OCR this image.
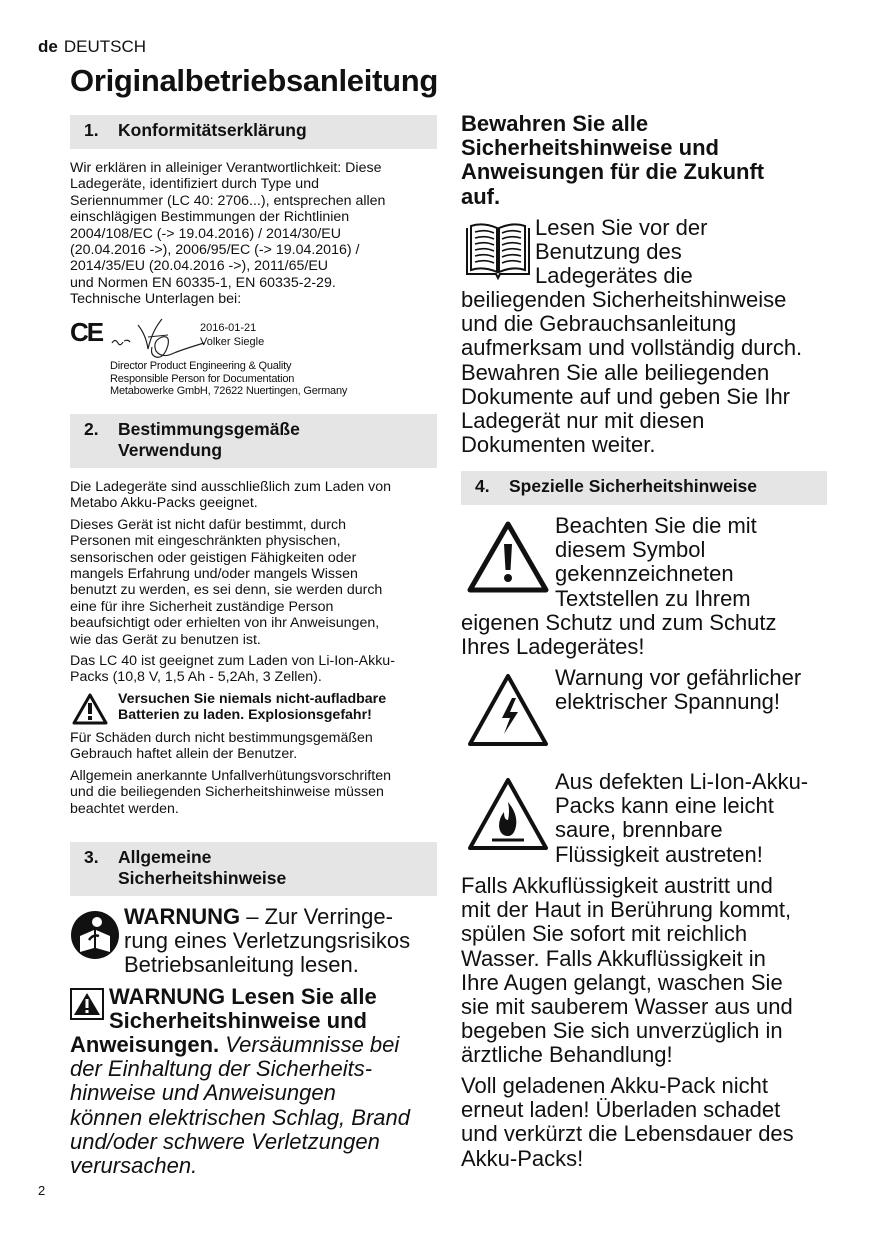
de DEUTSCH
Originalbetriebsanleitung
1. Konformitätserklärung
Wir erklären in alleiniger Verantwortlichkeit: Diese
Ladegeräte, identifiziert durch Type und
Seriennummer (LC 40: 2706...), entsprechen allen
einschlägigen Bestimmungen der Richtlinien
2004/108/EC (-> 19.04.2016) / 2014/30/EU
(20.04.2016 ->), 2006/95/EC (-> 19.04.2016) /
2014/35/EU (20.04.2016 ->), 2011/65/EU
und Normen EN 60335-1, EN 60335-2-29.
Technische Unterlagen bei:
CE	2016-01-21
Volker Siegle
Director Product Engineering & Quality
Responsible Person for Documentation
Metabowerke GmbH, 72622 Nuertingen, Germany
2. Bestimmungsgemäße
Verwendung

Die Ladegeräte sind ausschließlich zum Laden von
Metabo Akku-Packs geeignet.

Dieses Gerät ist nicht dafür bestimmt, durch
Personen mit eingeschränkten physischen,
sensorischen oder geistigen Fähigkeiten oder
mangels Erfahrung und/oder mangels Wissen
benutzt zu werden, es sei denn, sie werden durch
eine für ihre Sicherheit zuständige Person
beaufsichtigt oder erhielten von ihr Anweisungen,
wie das Gerät zu benutzen ist.

Das LC 40 ist geeignet zum Laden von Li-Ion-Akku-
Packs (10,8 V, 1,5 Ah - 5,2Ah, 3 Zellen).

Versuchen Sie niemals nicht-aufladbare
Batterien zu laden. Explosionsgefahr!

Für Schäden durch nicht bestimmungsgemäßen
Gebrauch haftet allein der Benutzer.

Allgemein anerkannte Unfallverhütungsvorschriften
und die beiliegenden Sicherheitshinweise müssen
beachtet werden.

3. Allgemeine
Sicherheitshinweise
WARNUNG – Zur Verringe-
rung eines Verletzungsrisikos
Betriebsanleitung lesen.
WARNUNG Lesen Sie alle
Sicherheitshinweise und
Anweisungen. Versäumnisse bei
der Einhaltung der Sicherheits-
hinweise und Anweisungen
können elektrischen Schlag, Brand
und/oder schwere Verletzungen
verursachen.
Bewahren Sie alle
Sicherheitshinweise und
Anweisungen für die Zukunft
auf.
Lesen Sie vor der
Benutzung des
Ladegerätes die
beiliegenden Sicherheitshinweise
und die Gebrauchsanleitung
aufmerksam und vollständig durch.
Bewahren Sie alle beiliegenden
Dokumente auf und geben Sie Ihr
Ladegerät nur mit diesen
Dokumenten weiter.
4. Spezielle Sicherheitshinweise
Beachten Sie die mit
diesem Symbol
gekennzeichneten
Textstellen zu Ihrem
eigenen Schutz und zum Schutz
Ihres Ladegerätes!
Warnung vor gefährlicher
elektrischer Spannung!
Aus defekten Li-Ion-Akku-
Packs kann eine leicht
saure, brennbare
Flüssigkeit austreten!
Falls Akkuflüssigkeit austritt und
mit der Haut in Berührung kommt,
spülen Sie sofort mit reichlich
Wasser. Falls Akkuflüssigkeit in
Ihre Augen gelangt, waschen Sie
sie mit sauberem Wasser aus und
begeben Sie sich unverzüglich in
ärztliche Behandlung!
Voll geladenen Akku-Pack nicht
erneut laden! Überladen schadet
und verkürzt die Lebensdauer des
Akku-Packs!
2
